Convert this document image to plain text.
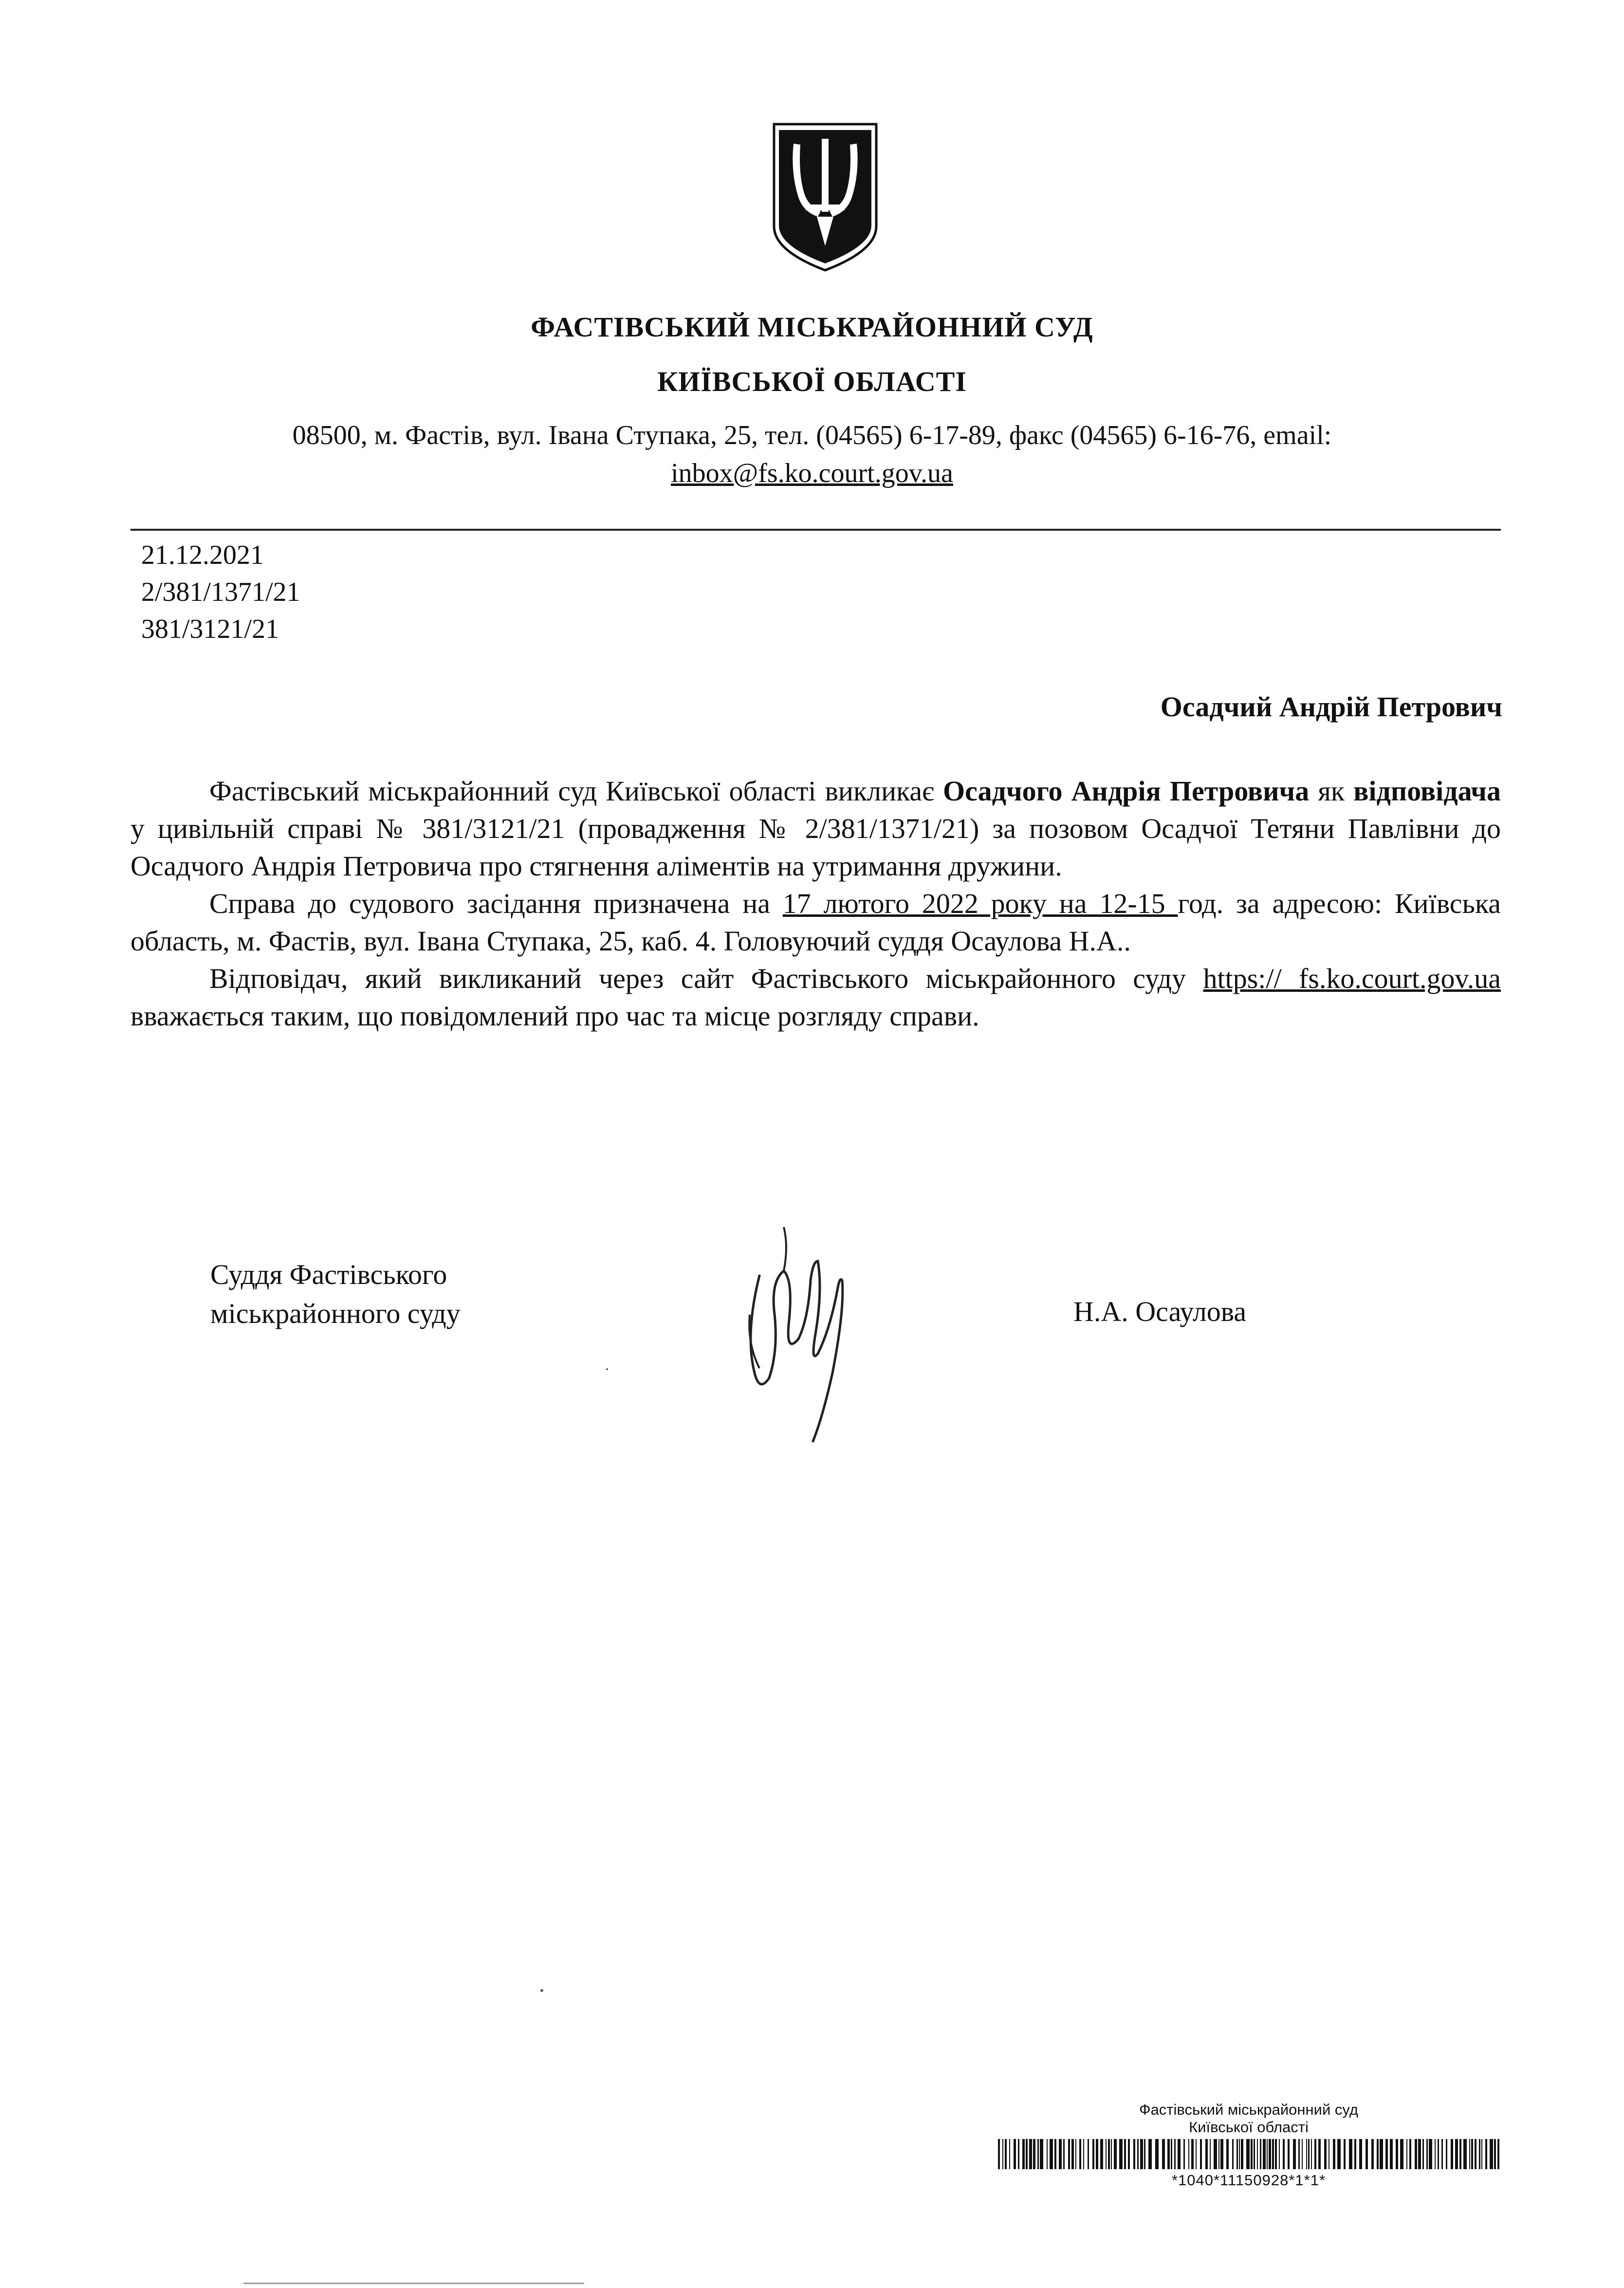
ФАСТІВСЬКИЙ МІСЬКРАЙОННИЙ СУД
КИЇВСЬКОЇ ОБЛАСТІ
08500, м. Фастів, вул. Івана Ступака, 25, тел. (04565) 6-17-89, факс (04565) 6-16-76, email:
inbox@fs.ko.court.gov.ua
21.12.2021
2/381/1371/21
381/3121/21
Осадчий Андрій Петрович

Фастівський міськрайонний суд Київської області викликає Осадчого Андрія Петровича як відповідача у цивільній справі № 381/3121/21 (провадження № 2/381/1371/21) за позовом Осадчої Тетяни Павлівни до Осадчого Андрія Петровича про стягнення аліментів на утримання дружини.

Справа до судового засідання призначена на 17 лютого 2022 року на 12-15 год. за адресою: Київська область, м. Фастів, вул. Івана Ступака, 25, каб. 4. Головуючий суддя Осаулова Н.А..

Відповідач, який викликаний через сайт Фастівського міськрайонного суду https:// fs.ko.court.gov.ua вважається таким, що повідомлений про час та місце розгляду справи.

Суддя Фастівського
міськрайонного суду	Н.А. Осаулова
Фастівський міськрайонний суд
Київської області
*1040*11150928*1*1*
